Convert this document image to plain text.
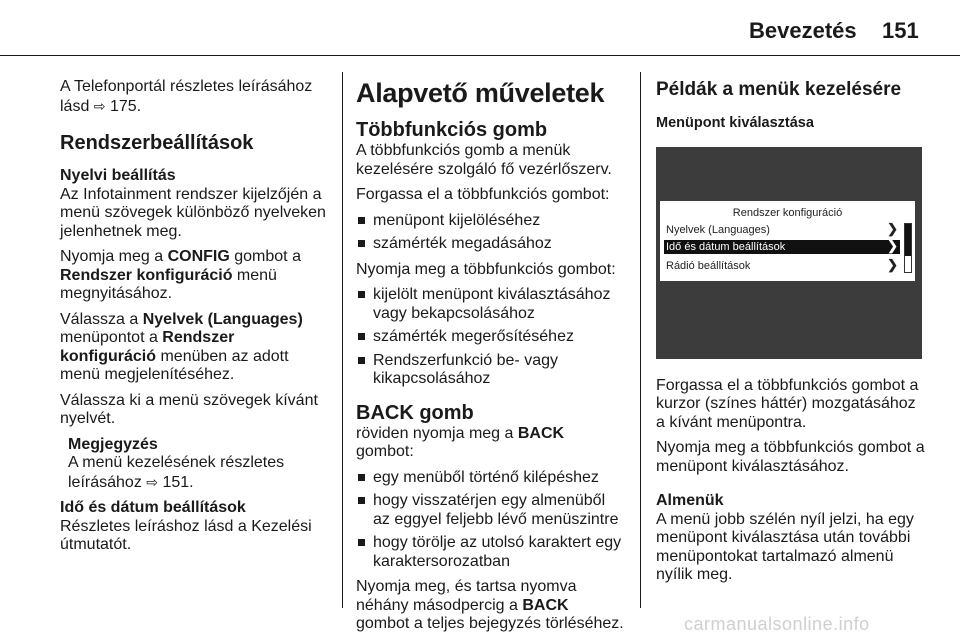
Bevezetés 151

A Telefonportál részletes leírásához lásd ⇨ 175.

Rendszerbeállítások
Nyelvi beállítás

Az Infotainment rendszer kijelzőjén a menü szövegek különböző nyelveken jelenhetnek meg.

Nyomja meg a CONFIG gombot a Rendszer konfiguráció menü megnyitásához.

Válassza a Nyelvek (Languages) menüpontot a Rendszer konfiguráció menüben az adott menü megjelenítéséhez.

Válassza ki a menü szövegek kívánt nyelvét.

Megjegyzés

A menü kezelésének részletes leírásához ⇨ 151.

Idő és dátum beállítások

Részletes leíráshoz lásd a Kezelési útmutatót.

Alapvető műveletek
Többfunkciós gomb

A többfunkciós gomb a menük kezelésére szolgáló fő vezérlőszerv.

Forgassa el a többfunkciós gombot:

menüpont kijelöléséhez
számérték megadásához

Nyomja meg a többfunkciós gombot:

kijelölt menüpont kiválasztásához vagy bekapcsolásához
számérték megerősítéséhez
Rendszerfunkció be- vagy kikapcsolásához
BACK gomb

röviden nyomja meg a BACK gombot:

egy menüből történő kilépéshez
hogy visszatérjen egy almenüből az eggyel feljebb lévő menüszintre
hogy törölje az utolsó karaktert egy karaktersorozatban

Nyomja meg, és tartsa nyomva néhány másodpercig a BACK gombot a teljes bejegyzés törléséhez.

Példák a menük kezelésére
Menüpont kiválasztása
Rendszer konfiguráció
Nyelvek (Languages)	❯
Idő és dátum beállítások	❯
Rádió beállítások	❯

Forgassa el a többfunkciós gombot a kurzor (színes háttér) mozgatásához a kívánt menüpontra.

Nyomja meg a többfunkciós gombot a menüpont kiválasztásához.

Almenük

A menü jobb szélén nyíl jelzi, ha egy menüpont kiválasztása után további menüpontokat tartalmazó almenü nyílik meg.

carmanualsonline.info
